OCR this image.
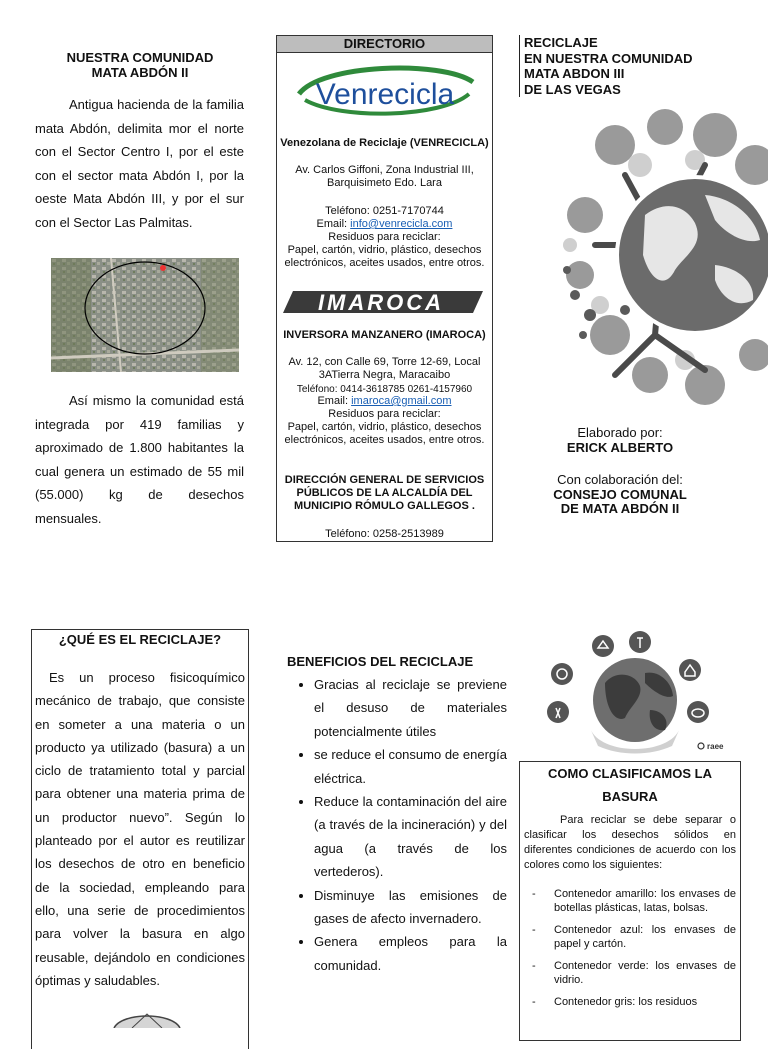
NUESTRA COMUNIDAD
MATA ABDÓN II
Antigua hacienda de la familia mata Abdón, delimita mor el norte con el Sector Centro I, por el este con el sector mata Abdón I, por la oeste Mata Abdón III, y por el sur con el Sector Las Palmitas.
Así mismo la comunidad está integrada por 419 familias y aproximado de 1.800 habitantes la cual genera un estimado de 55 mil (55.000) kg de desechos mensuales.
DIRECTORIO
Venrecicla
Venezolana de Reciclaje (VENRECICLA)
Av. Carlos Giffoni, Zona Industrial III, Barquisimeto Edo. Lara
Teléfono: 0251-7170744
Email: info@venrecicla.com
Residuos para reciclar:
Papel, cartón, vidrio, plástico, desechos electrónicos, aceites usados, entre otros.
IMAROCA
INVERSORA MANZANERO (IMAROCA)
Av. 12, con Calle 69, Torre 12-69, Local 3ATierra Negra, Maracaibo
Teléfono: 0414-3618785 0261-4157960
Email: imaroca@gmail.com
Residuos para reciclar:
Papel, cartón, vidrio, plástico, desechos electrónicos, aceites usados, entre otros.
DIRECCIÓN GENERAL DE SERVICIOS PÚBLICOS DE LA ALCALDÍA DEL MUNICIPIO RÓMULO GALLEGOS .
Teléfono: 0258-2513989
RECICLAJE
EN NUESTRA COMUNIDAD
MATA ABDON III
DE LAS VEGAS
Elaborado por:
ERICK ALBERTO
Con colaboración del:
CONSEJO COMUNAL
DE MATA ABDÓN II
¿QUÉ ES EL RECICLAJE?
Es un proceso fisicoquímico mecánico de trabajo, que consiste en someter a una materia o un producto ya utilizado (basura) a un ciclo de tratamiento total y parcial para obtener una materia prima de un productor nuevo”. Según lo planteado por el autor es reutilizar los desechos de otro en beneficio de la sociedad, empleando para ello, una serie de procedimientos para volver la basura en algo reusable, dejándolo en condiciones óptimas y saludables.
BENEFICIOS DEL RECICLAJE
• Gracias al reciclaje se previene el desuso de materiales potencialmente útiles
• se reduce el consumo de energía eléctrica.
• Reduce la contaminación del aire (a través de la incineración) y del agua (a través de los vertederos).
• Disminuye las emisiones de gases de afecto invernadero.
• Genera empleos para la comunidad.
raee
COMO CLASIFICAMOS LA BASURA
Para reciclar se debe separar o clasificar los desechos sólidos en diferentes condiciones de acuerdo con los colores como los siguientes:
- Contenedor amarillo: los envases de botellas plásticas, latas, bolsas.
- Contenedor azul: los envases de papel y cartón.
- Contenedor verde: los envases de vidrio.
- Contenedor gris: los residuos
